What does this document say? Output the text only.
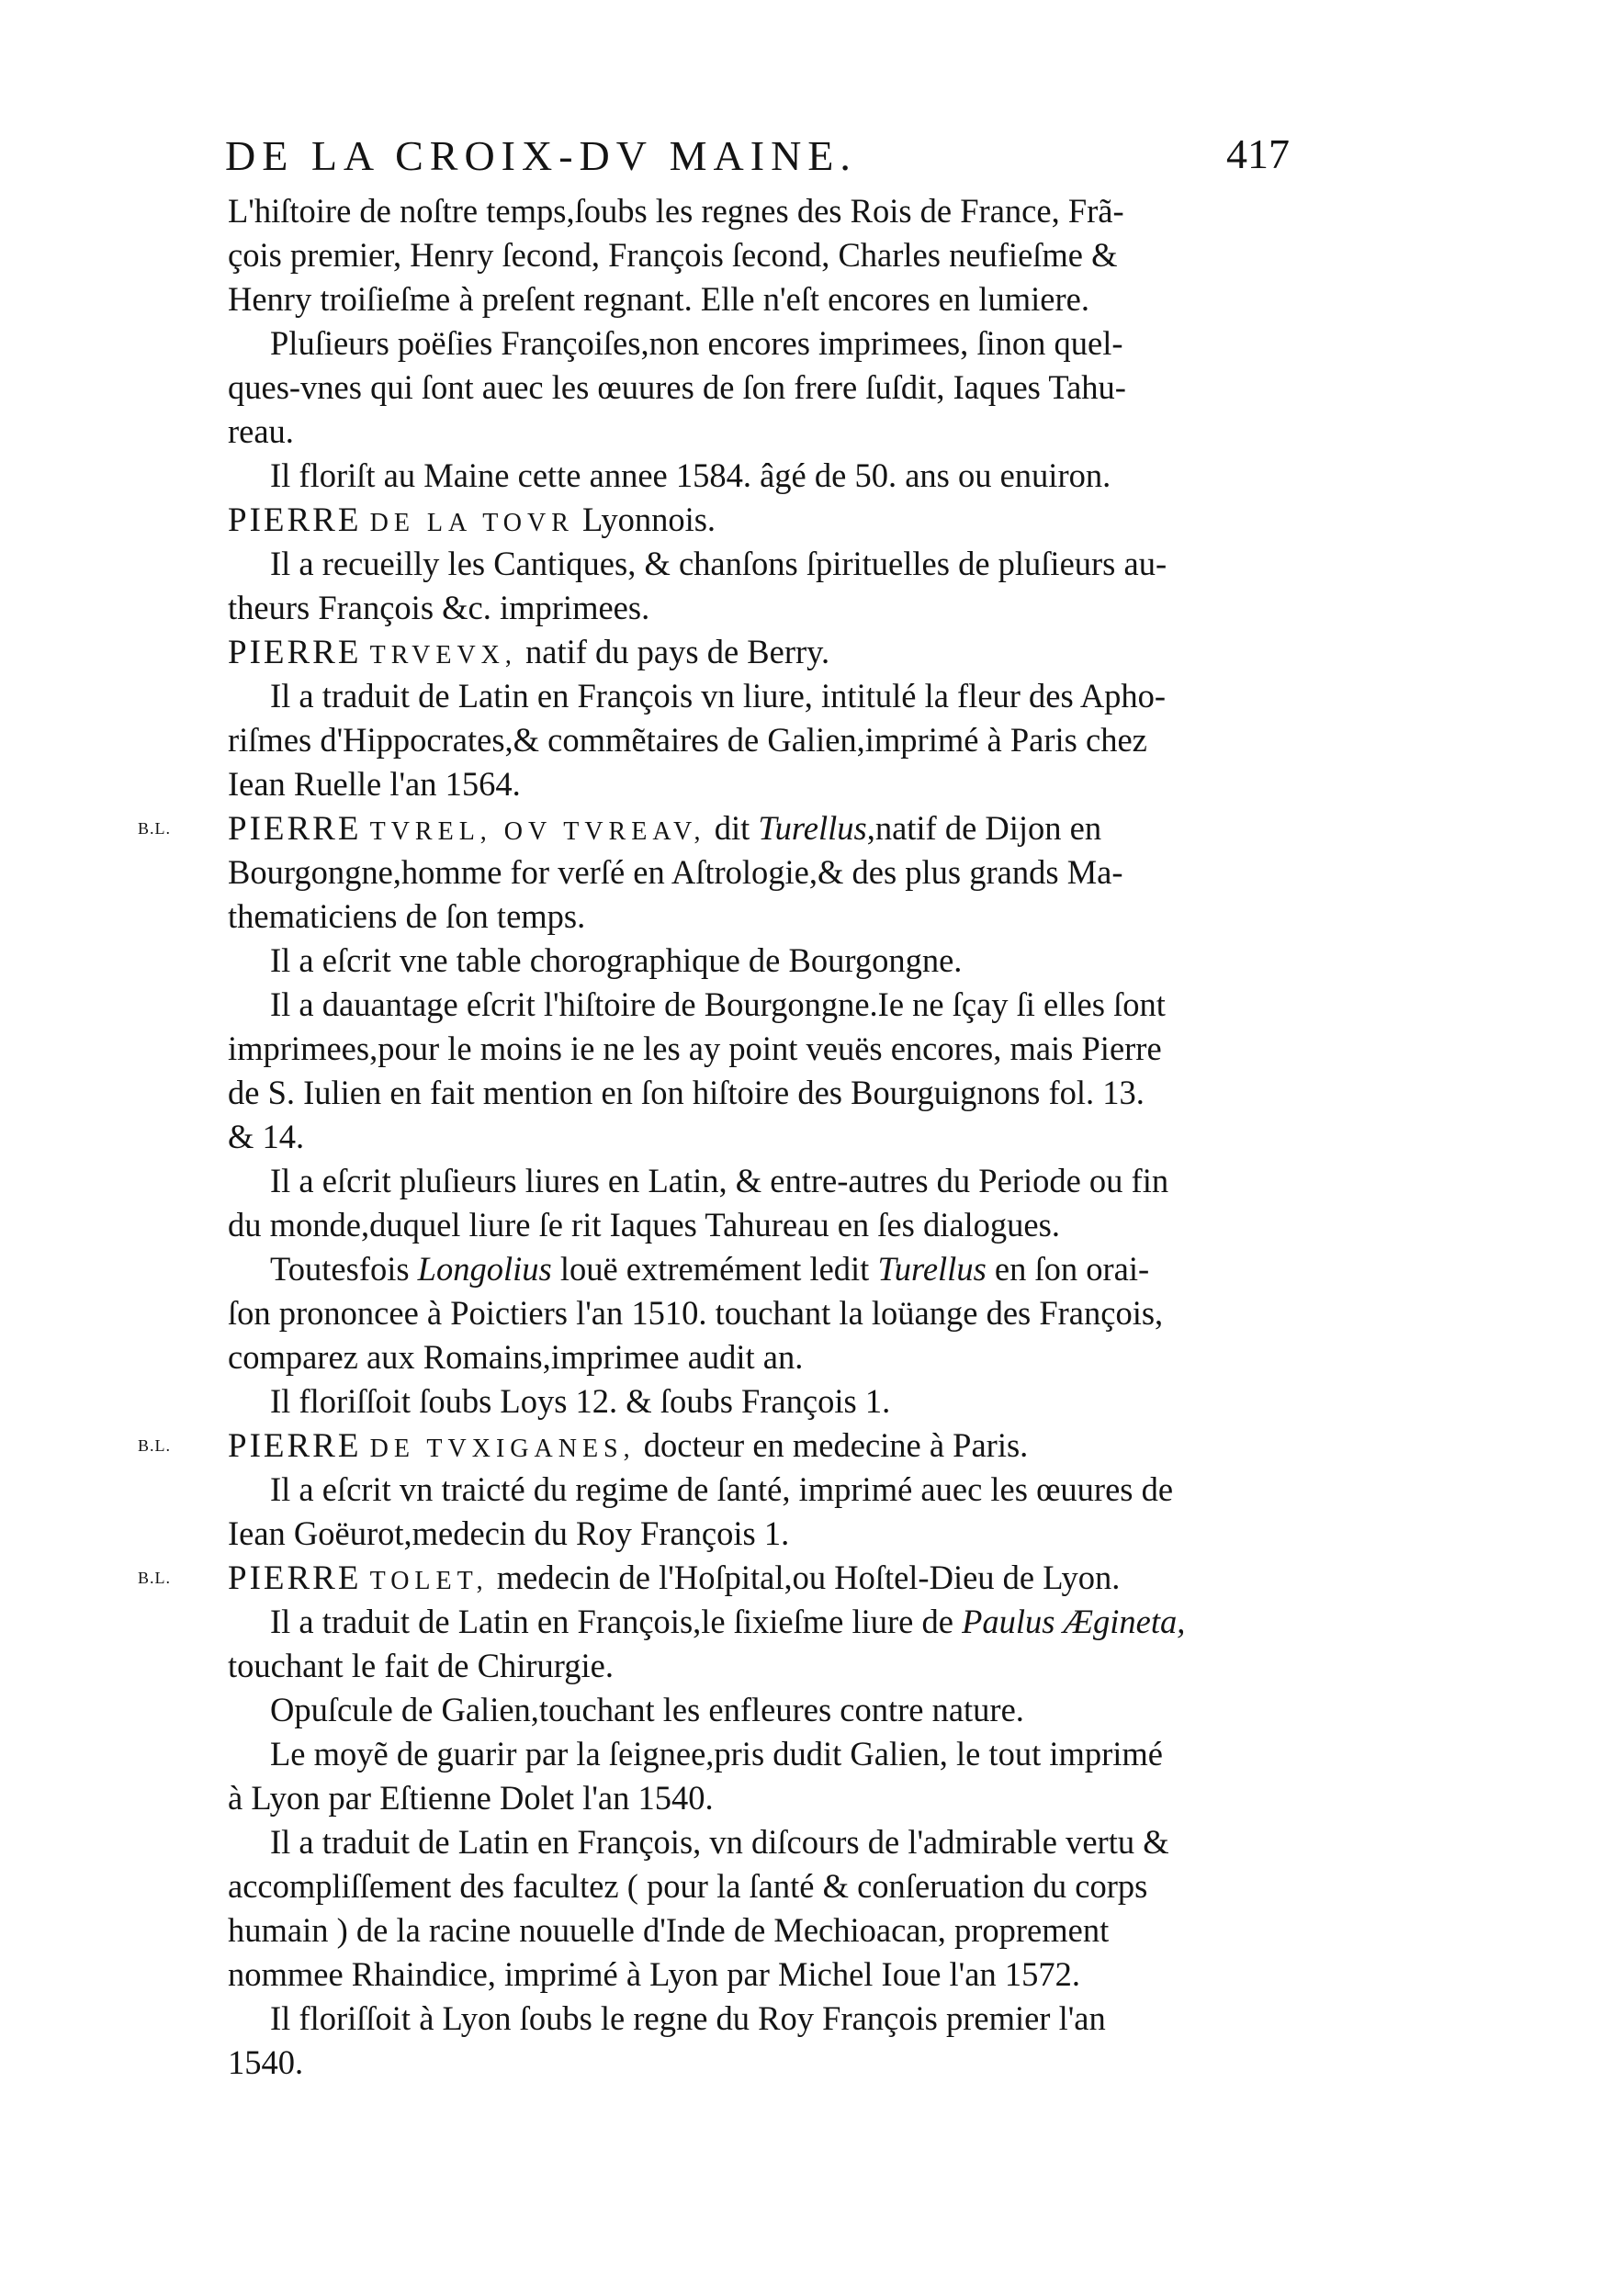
DE LA CROIX-DV MAINE.	417
L'hiſtoire de noſtre temps,ſoubs les regnes des Rois de France, Frã-
çois premier, Henry ſecond, François ſecond, Charles neufieſme &
Henry troiſieſme à preſent regnant. Elle n'eſt encores en lumiere.
Pluſieurs poëſies Françoiſes,non encores imprimees, ſinon quel-
ques-vnes qui ſont auec les œuures de ſon frere ſuſdit, Iaques Tahu-
reau.
Il floriſt au Maine cette annee 1584. âgé de 50. ans ou enuiron.
PIERRE DE LA TOVR Lyonnois.
Il a recueilly les Cantiques, & chanſons ſpirituelles de pluſieurs au-
theurs François &c. imprimees.
PIERRE TRVEVX, natif du pays de Berry.
Il a traduit de Latin en François vn liure, intitulé la fleur des Apho-
riſmes d'Hippocrates,& commẽtaires de Galien,imprimé à Paris chez
Iean Ruelle l'an 1564.
B.L. PIERRE TVREL, OV TVREAV, dit Turellus,natif de Dijon en
Bourgongne,homme for verſé en Aſtrologie,& des plus grands Ma-
thematiciens de ſon temps.
Il a eſcrit vne table chorographique de Bourgongne.
Il a dauantage eſcrit l'hiſtoire de Bourgongne.Ie ne ſçay ſi elles ſont
imprimees,pour le moins ie ne les ay point veuës encores, mais Pierre
de S. Iulien en fait mention en ſon hiſtoire des Bourguignons fol. 13.
& 14.
Il a eſcrit pluſieurs liures en Latin, & entre-autres du Periode ou fin
du monde,duquel liure ſe rit Iaques Tahureau en ſes dialogues.
Toutesfois Longolius louë extremément ledit Turellus en ſon orai-
ſon prononcee à Poictiers l'an 1510. touchant la loüange des François,
comparez aux Romains,imprimee audit an.
Il floriſſoit ſoubs Loys 12. & ſoubs François 1.
B.L. PIERRE DE TVXIGANES, docteur en medecine à Paris.
Il a eſcrit vn traicté du regime de ſanté, imprimé auec les œuures de
Iean Goëurot,medecin du Roy François 1.
B.L. PIERRE TOLET, medecin de l'Hoſpital,ou Hoſtel-Dieu de Lyon.
Il a traduit de Latin en François,le ſixieſme liure de Paulus Æginetа,
touchant le fait de Chirurgie.
Opuſcule de Galien,touchant les enfleures contre nature.
Le moyẽ de guarir par la ſeignee,pris dudit Galien, le tout imprimé
à Lyon par Eſtienne Dolet l'an 1540.
Il a traduit de Latin en François, vn diſcours de l'admirable vertu &
accompliſſement des facultez ( pour la ſanté & conſeruation du corps
humain ) de la racine nouuelle d'Inde de Mechioacan, proprement
nommee Rhaindice, imprimé à Lyon par Michel Ioue l'an 1572.
Il floriſſoit à Lyon ſoubs le regne du Roy François premier l'an
1540.
